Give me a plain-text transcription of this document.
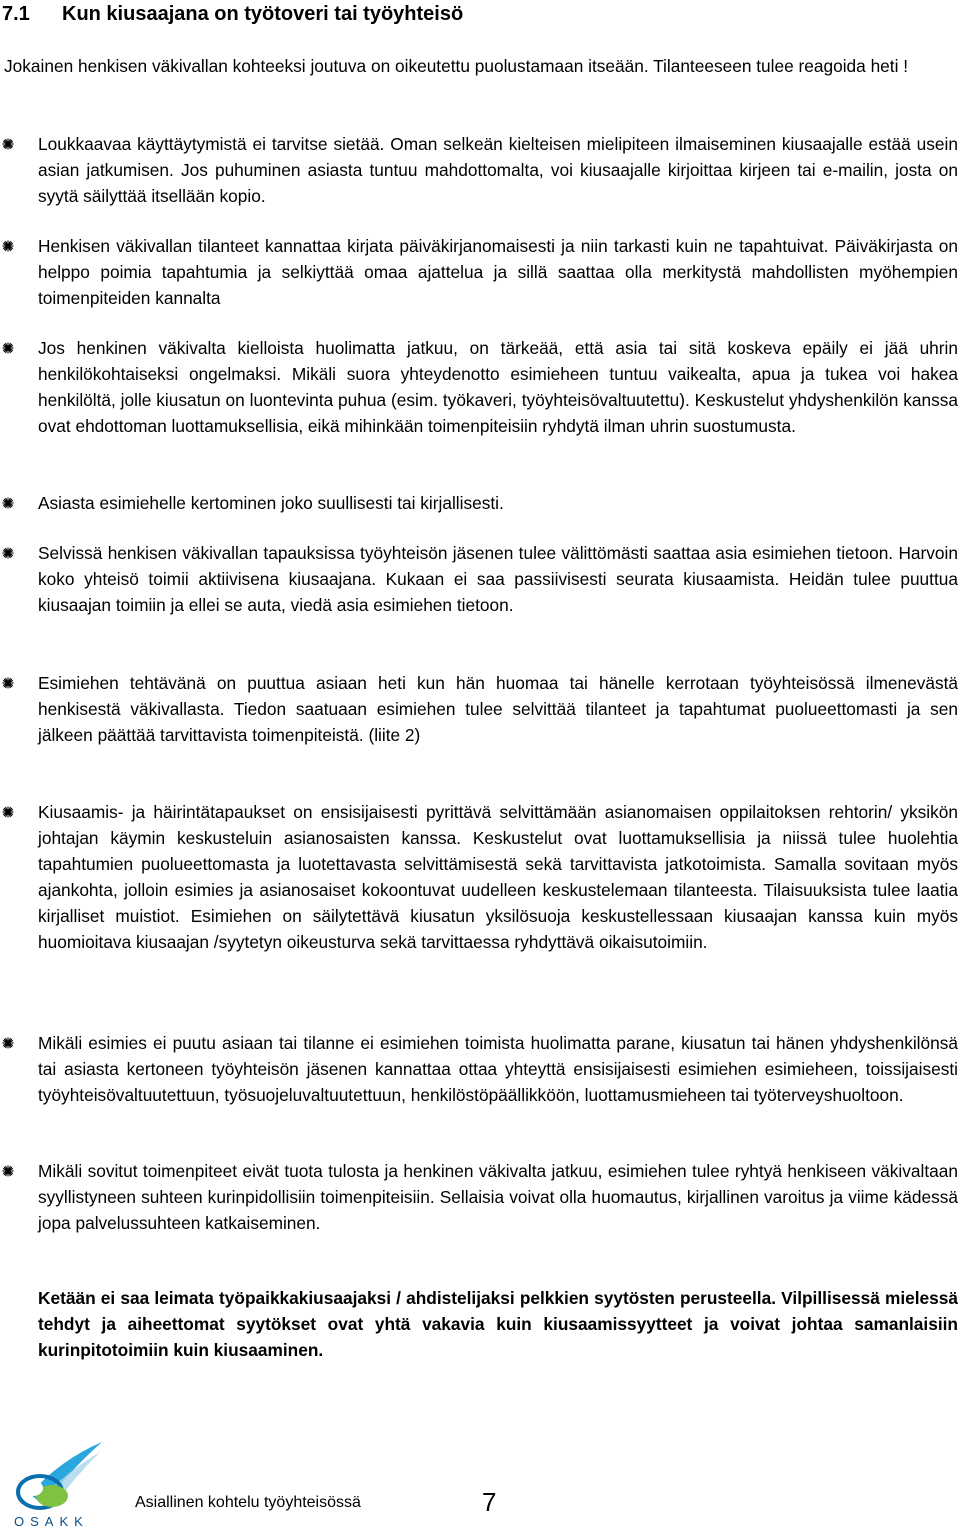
7.1 Kun kiusaajana on työtoveri tai työyhteisö
Jokainen henkisen väkivallan kohteeksi joutuva on oikeutettu puolustamaan itseään. Tilanteeseen tulee reagoida heti !
Loukkaavaa käyttäytymistä ei tarvitse sietää. Oman selkeän kielteisen mielipiteen ilmaiseminen kiusaajalle estää usein asian jatkumisen. Jos puhuminen asiasta tuntuu mahdottomalta, voi kiusaajalle kirjoittaa kirjeen tai e-mailin, josta on syytä säilyttää itsellään kopio.
Henkisen väkivallan tilanteet kannattaa kirjata päiväkirjanomaisesti ja niin tarkasti kuin ne tapahtuivat. Päiväkirjasta on helppo poimia tapahtumia ja selkiyttää omaa ajattelua ja sillä saattaa olla merkitystä mahdollisten myöhempien toimenpiteiden kannalta
Jos henkinen väkivalta kielloista huolimatta jatkuu, on tärkeää, että asia tai sitä koskeva epäily ei jää uhrin henkilökohtaiseksi ongelmaksi. Mikäli suora yhteydenotto esimieheen tuntuu vaikealta, apua ja tukea voi hakea henkilöltä, jolle kiusatun on luontevinta puhua (esim. työkaveri, työyhteisövaltuutettu). Keskustelut yhdyshenkilön kanssa ovat ehdottoman luottamuksellisia, eikä mihinkään toimenpiteisiin ryhdytä ilman uhrin suostumusta.
Asiasta esimiehelle kertominen joko suullisesti tai kirjallisesti.
Selvissä henkisen väkivallan tapauksissa työyhteisön jäsenen tulee välittömästi saattaa asia esimiehen tietoon. Harvoin koko yhteisö toimii aktiivisena kiusaajana. Kukaan ei saa passiivisesti seurata kiusaamista. Heidän tulee puuttua kiusaajan toimiin ja ellei se auta, viedä asia esimiehen tietoon.
Esimiehen tehtävänä on puuttua asiaan heti kun hän huomaa tai hänelle kerrotaan työyhteisössä ilmenevästä henkisestä väkivallasta. Tiedon saatuaan esimiehen tulee selvittää tilanteet ja tapahtumat puolueettomasti ja sen jälkeen päättää tarvittavista toimenpiteistä. (liite 2)
Kiusaamis- ja häirintätapaukset on ensisijaisesti pyrittävä selvittämään asianomaisen oppilaitoksen rehtorin/ yksikön johtajan käymin keskusteluin asianosaisten kanssa. Keskustelut ovat luottamuksellisia ja niissä tulee huolehtia tapahtumien puolueettomasta ja luotettavasta selvittämisestä sekä tarvittavista jatkotoimista. Samalla sovitaan myös ajankohta, jolloin esimies ja asianosaiset kokoontuvat uudelleen keskustelemaan tilanteesta. Tilaisuuksista tulee laatia kirjalliset muistiot. Esimiehen on säilytettävä kiusatun yksilösuoja keskustellessaan kiusaajan kanssa kuin myös huomioitava kiusaajan /syytetyn oikeusturva sekä tarvittaessa ryhdyttävä oikaisutoimiin.
Mikäli esimies ei puutu asiaan tai tilanne ei esimiehen toimista huolimatta parane, kiusatun tai hänen yhdyshenkilönsä tai asiasta kertoneen työyhteisön jäsenen kannattaa ottaa yhteyttä ensisijaisesti esimiehen esimieheen, toissijaisesti työyhteisövaltuutettuun, työsuojeluvaltuutettuun, henkilöstöpäällikköön, luottamusmieheen tai työterveyshuoltoon.
Mikäli sovitut toimenpiteet eivät tuota tulosta ja henkinen väkivalta jatkuu, esimiehen tulee ryhtyä henkiseen väkivaltaan syyllistyneen suhteen kurinpidollisiin toimenpiteisiin. Sellaisia voivat olla huomautus, kirjallinen varoitus ja viime kädessä jopa palvelussuhteen katkaiseminen.
Ketään ei saa leimata työpaikkakiusaajaksi / ahdistelijaksi pelkkien syytösten perusteella. Vilpillisessä mielessä tehdyt ja aiheettomat syytökset ovat yhtä vakavia kuin kiusaamissyytteet ja voivat johtaa samanlaisiin kurinpitotoimiin kuin kiusaaminen.
OSAKK
Asiallinen kohtelu työyhteisössä	7
